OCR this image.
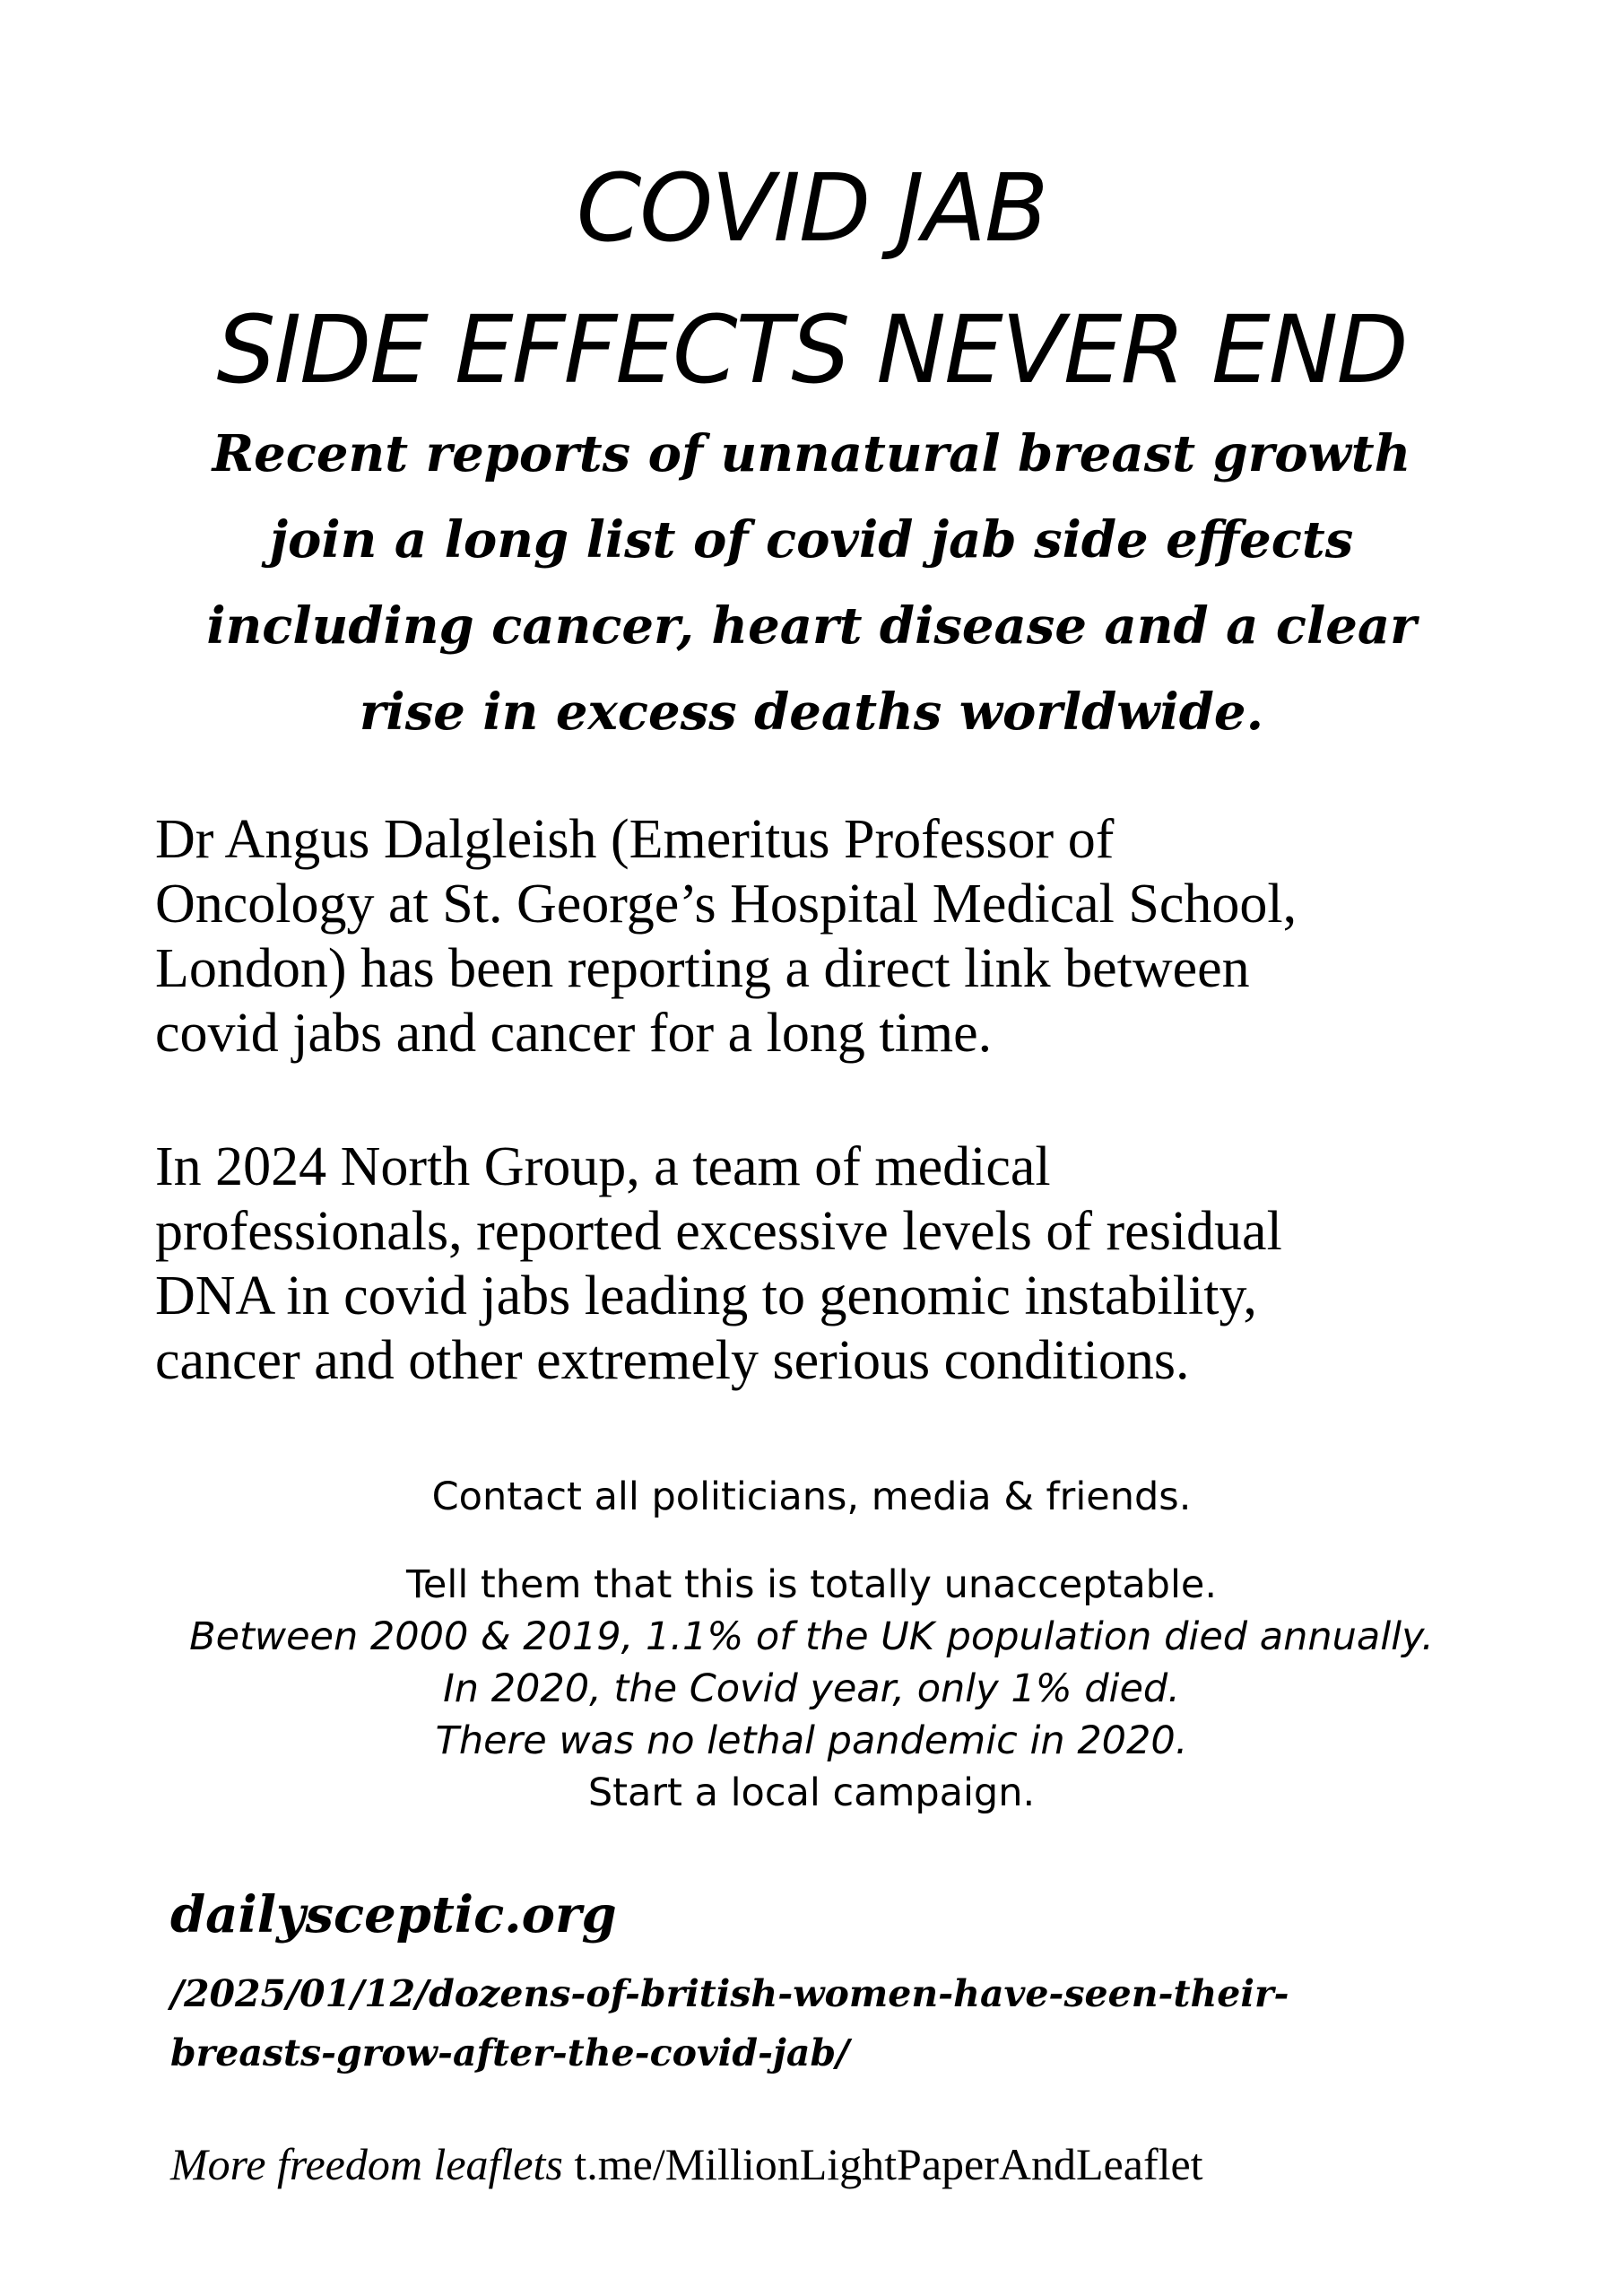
COVID JAB
SIDE EFFECTS NEVER END
Recent reports of unnatural breast growth
join a long list of covid jab side effects
including cancer, heart disease and a clear
rise in excess deaths worldwide.
Dr Angus Dalgleish (Emeritus Professor of
Oncology at St. George’s Hospital Medical School,
London) has been reporting a direct link between
covid jabs and cancer for a long time.
In 2024 North Group, a team of medical
professionals, reported excessive levels of residual
DNA in covid jabs leading to genomic instability,
cancer and other extremely serious conditions.
Contact all politicians, media & friends.
Tell them that this is totally unacceptable.
Between 2000 & 2019, 1.1% of the UK population died annually.
In 2020, the Covid year, only 1% died.
There was no lethal pandemic in 2020.
Start a local campaign.
dailysceptic.org
/2025/01/12/dozens-of-british-women-have-seen-their-
breasts-grow-after-the-covid-jab/
More freedom leaflets t.me/MillionLightPaperAndLeaflet
